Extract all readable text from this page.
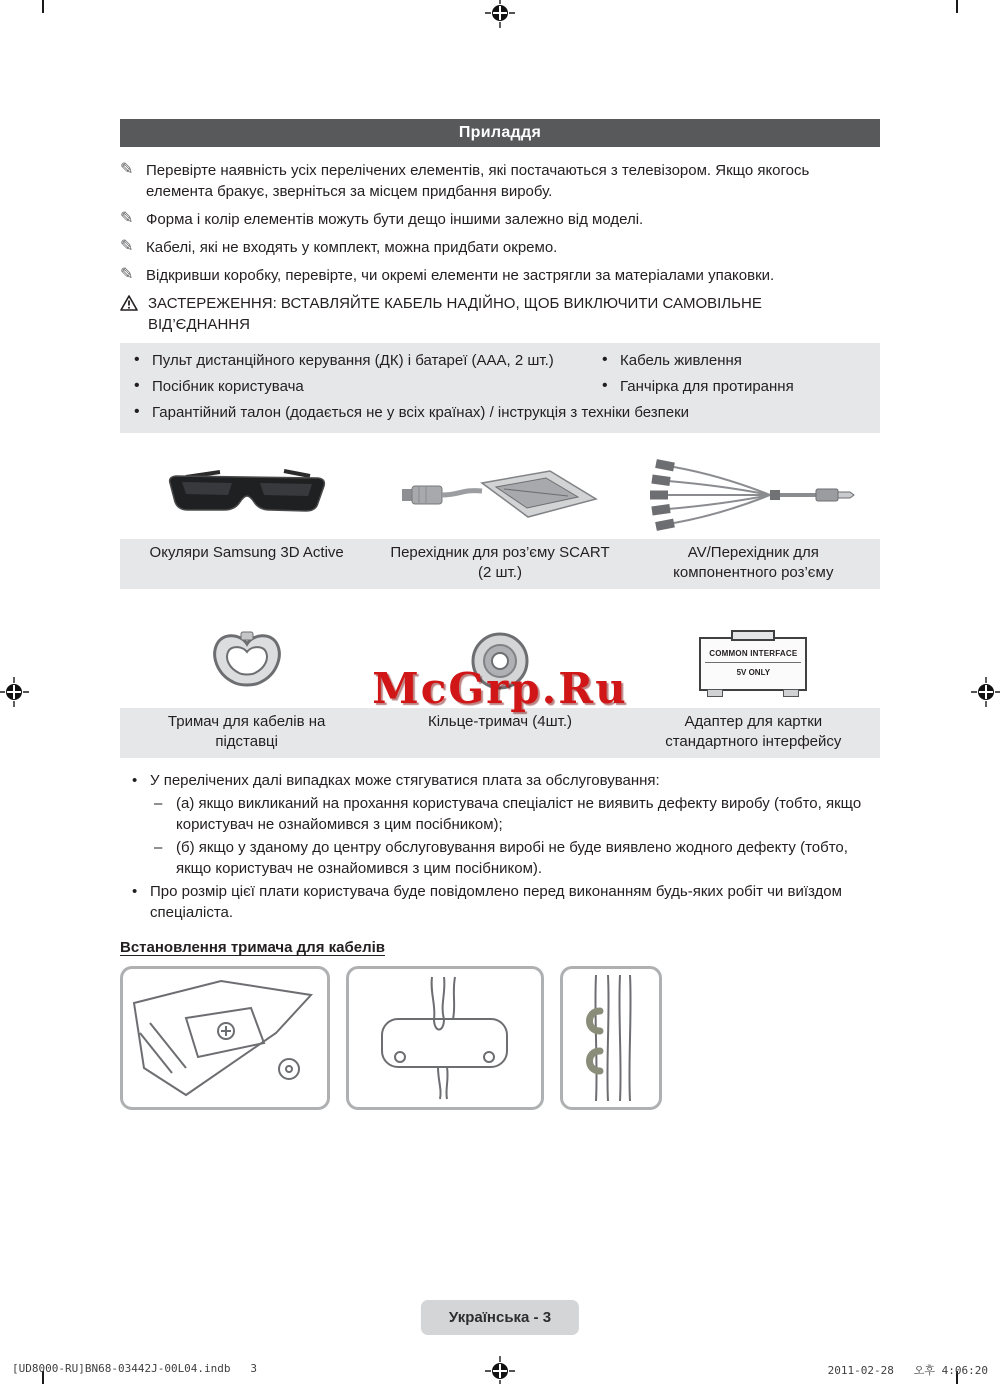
Приладдя
✎ Перевірте наявність усіх перелічених елементів, які постачаються з телевізором. Якщо якогось елемента бракує, зверніться за місцем придбання виробу.
✎ Форма і колір елементів можуть бути дещо іншими залежно від моделі.
✎ Кабелі, які не входять у комплект, можна придбати окремо.
✎ Відкривши коробку, перевірте, чи окремі елементи не застрягли за матеріалами упаковки.
ЗАСТЕРЕЖЕННЯ: ВСТАВЛЯЙТЕ КАБЕЛЬ НАДІЙНО, ЩОБ ВИКЛЮЧИТИ САМОВІЛЬНЕ ВІД’ЄДНАННЯ
• Пульт дистанційного керування (ДК) і батареї (AAA, 2 шт.)	• Кабель живлення
• Посібник користувача	• Ганчірка для протирання
• Гарантійний талон (додається не у всіх країнах) / інструкція з техніки безпеки
Окуляри Samsung 3D Active	Перехідник для роз’єму SCART (2 шт.)
AV/Перехідник для компонентного роз’єму
COMMON INTERFACE
5V ONLY
Тримач для кабелів на підставці
Кільце-тримач (4шт.)	Адаптер для картки стандартного інтерфейсу
• У перелічених далі випадках може стягуватися плата за обслуговування:
– (а) якщо викликаний на прохання користувача спеціаліст не виявить дефекту виробу (тобто, якщо користувач не ознайомився з цим посібником);
– (б) якщо у зданому до центру обслуговування виробі не буде виявлено жодного дефекту (тобто, якщо користувач не ознайомився з цим посібником).
• Про розмір цієї плати користувача буде повідомлено перед виконанням будь-яких робіт чи виїздом спеціаліста.
Встановлення тримача для кабелів
Українська - 3
[UD8000-RU]BN68-03442J-00L04.indb   3	2011-02-28   오후 4:06:20
McGrp.Ru
